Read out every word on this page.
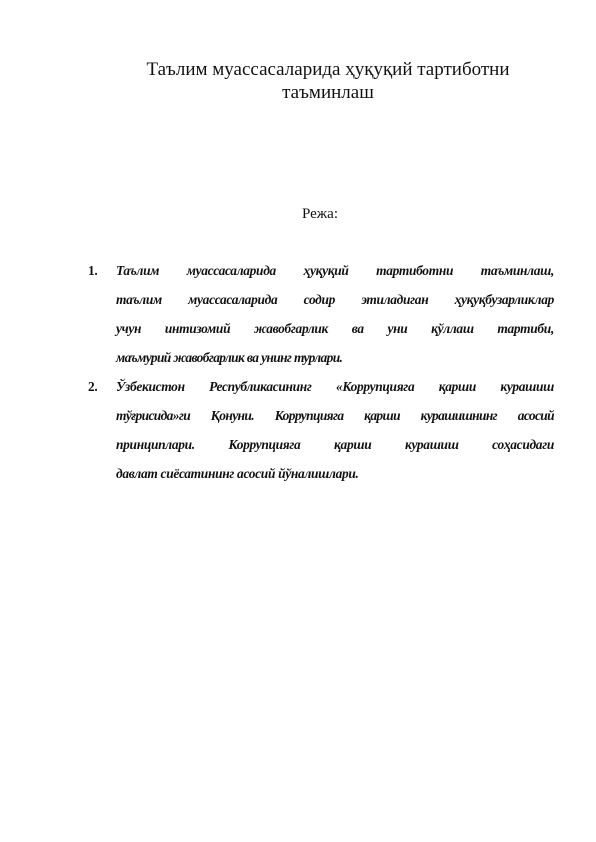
Таълим муассасаларида ҳуқуқий тартиботни
таъминлаш

Режа:

1. Таълим муассасаларида ҳуқуқий тартиботни таъминлаш,
таълим муассасаларида содир этиладиган ҳуқуқбузарликлар
учун интизомий жавобгарлик ва уни қўллаш тартиби,
маъмурий жавобгарлик ва унинг турлари.
2. Ўзбекистон Республикасининг «Коррупцияга қарши курашиш
тўғрисида»ги Қонуни. Коррупцияга қарши курашишнинг асосий
принциплари. Коррупцияга қарши курашиш соҳасидаги
давлат сиёсатининг асосий йўналишлари.
